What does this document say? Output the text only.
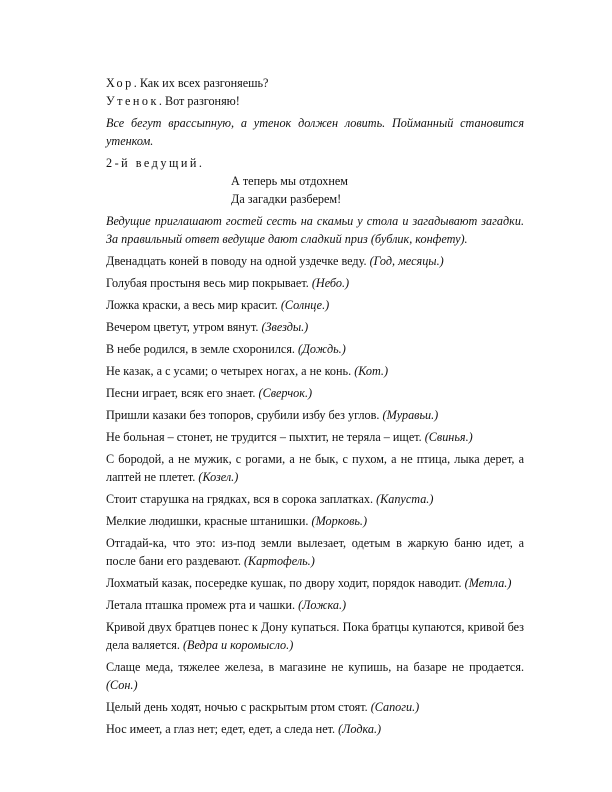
Хор. Как их всех разгоняешь?

Утенок. Вот разгоняю!

Все бегут врассыпную, а утенок должен ловить. Пойманный становится утенком.

2-й ведущий.

А теперь мы отдохнем

Да загадки разберем!

Ведущие приглашают гостей сесть на скамьи у стола и загадывают загадки. За правильный ответ ведущие дают сладкий приз (бублик, конфету).

Двенадцать коней в поводу на одной уздечке веду. (Год, месяцы.)

Голубая простыня весь мир покрывает. (Небо.)

Ложка краски, а весь мир красит. (Солнце.)

Вечером цветут, утром вянут. (Звезды.)

В небе родился, в земле схоронился. (Дождь.)

Не казак, а с усами; о четырех ногах, а не конь. (Кот.)

Песни играет, всяк его знает. (Сверчок.)

Пришли казаки без топоров, срубили избу без углов. (Муравьи.)

Не больная – стонет, не трудится – пыхтит, не теряла – ищет. (Свинья.)

С бородой, а не мужик, с рогами, а не бык, с пухом, а не птица, лыка дерет, а лаптей не плетет. (Козел.)

Стоит старушка на грядках, вся в сорока заплатках. (Капуста.)

Мелкие людишки, красные штанишки. (Морковь.)

Отгадай-ка, что это: из-под земли вылезает, одетым в жаркую баню идет, а после бани его раздевают. (Картофель.)

Лохматый казак, посередке кушак, по двору ходит, порядок наводит. (Метла.)

Летала пташка промеж рта и чашки. (Ложка.)

Кривой двух братцев понес к Дону купаться. Пока братцы купаются, кривой без дела валяется. (Ведра и коромысло.)

Слаще меда, тяжелее железа, в магазине не купишь, на базаре не продается. (Сон.)

Целый день ходят, ночью с раскрытым ртом стоят. (Сапоги.)

Нос имеет, а глаз нет; едет, едет, а следа нет. (Лодка.)
